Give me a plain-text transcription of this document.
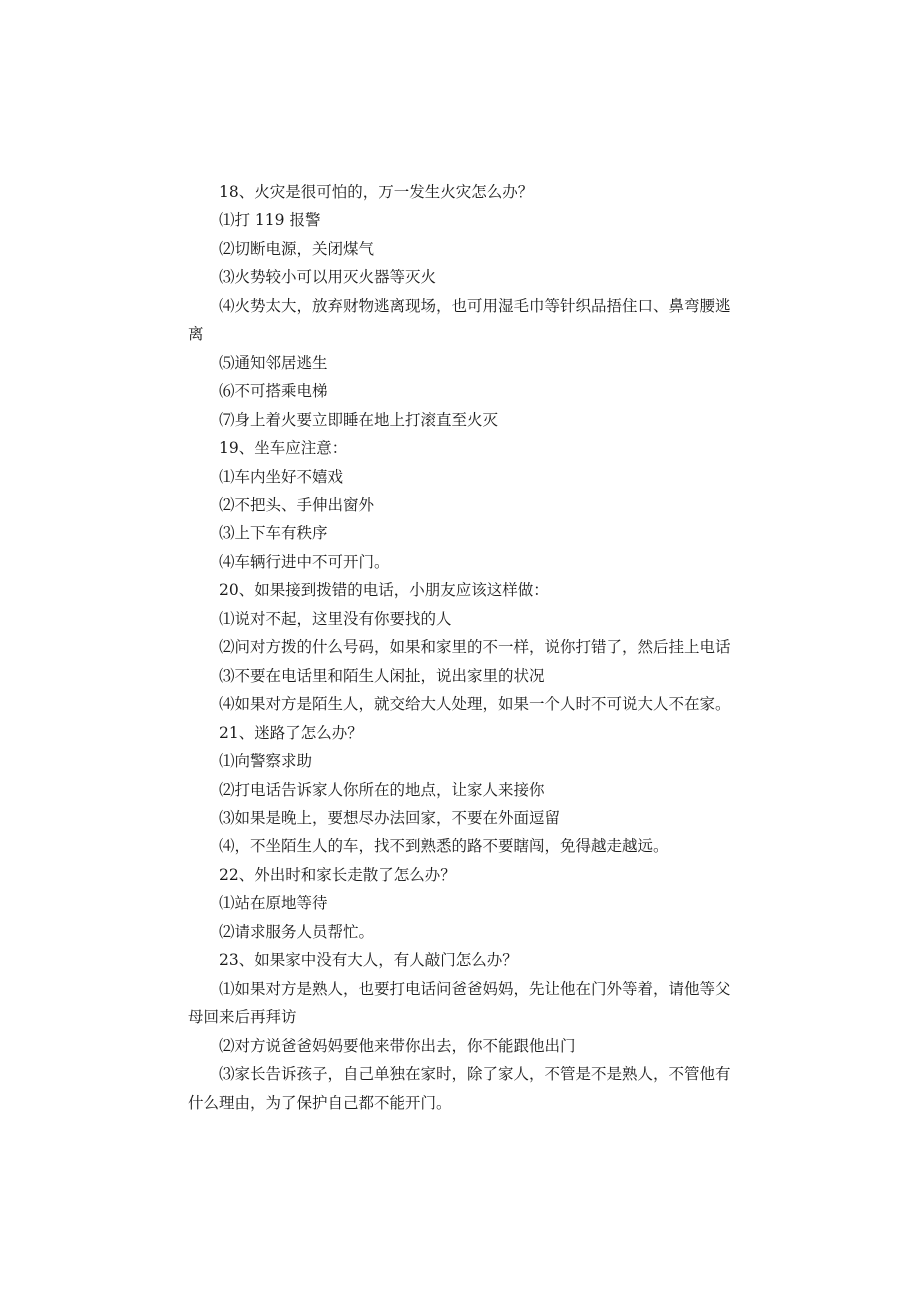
18、火灾是很可怕的，万一发生火灾怎么办？

⑴打 119 报警

⑵切断电源，关闭煤气

⑶火势较小可以用灭火器等灭火

⑷火势太大，放弃财物逃离现场，也可用湿毛巾等针织品捂住口、鼻弯腰逃离

⑸通知邻居逃生

⑹不可搭乘电梯

⑺身上着火要立即睡在地上打滚直至火灭

19、坐车应注意：

⑴车内坐好不嬉戏

⑵不把头、手伸出窗外

⑶上下车有秩序

⑷车辆行进中不可开门。

20、如果接到拨错的电话，小朋友应该这样做：

⑴说对不起，这里没有你要找的人

⑵问对方拨的什么号码，如果和家里的不一样，说你打错了，然后挂上电话

⑶不要在电话里和陌生人闲扯，说出家里的状况

⑷如果对方是陌生人，就交给大人处理，如果一个人时不可说大人不在家。

21、迷路了怎么办？

⑴向警察求助

⑵打电话告诉家人你所在的地点，让家人来接你

⑶如果是晚上，要想尽办法回家，不要在外面逗留

⑷，不坐陌生人的车，找不到熟悉的路不要瞎闯，免得越走越远。

22、外出时和家长走散了怎么办？

⑴站在原地等待

⑵请求服务人员帮忙。

23、如果家中没有大人，有人敲门怎么办？

⑴如果对方是熟人，也要打电话问爸爸妈妈，先让他在门外等着，请他等父母回来后再拜访

⑵对方说爸爸妈妈要他来带你出去，你不能跟他出门

⑶家长告诉孩子，自己单独在家时，除了家人，不管是不是熟人，不管他有什么理由，为了保护自己都不能开门。
